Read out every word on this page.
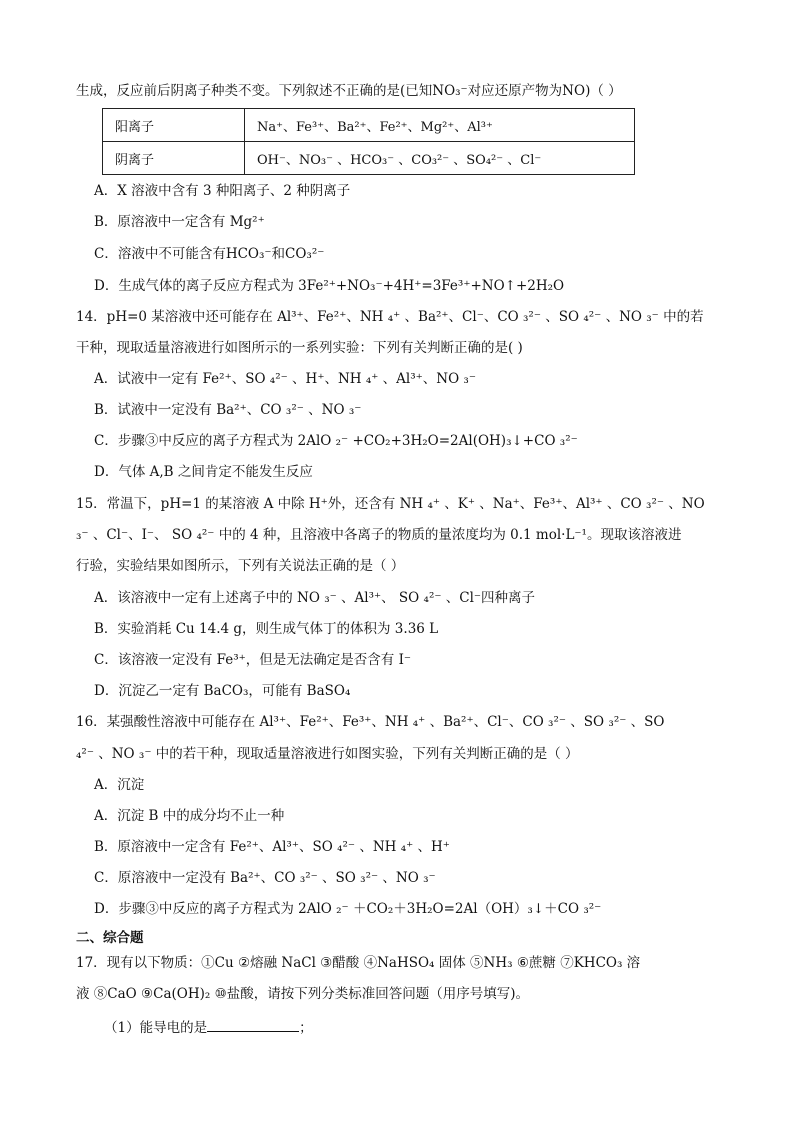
生成，反应前后阴离子种类不变。下列叙述不正确的是(已知NO₃⁻对应还原产物为NO)（ ）
阳离子	Na⁺、Fe³⁺、Ba²⁺、Fe²⁺、Mg²⁺、Al³⁺
阴离子	OH⁻、NO₃⁻ 、HCO₃⁻ 、CO₃²⁻ 、SO₄²⁻ 、Cl⁻
A．X 溶液中含有 3 种阳离子、2 种阴离子
B．原溶液中一定含有 Mg²⁺
C．溶液中不可能含有HCO₃⁻和CO₃²⁻
D．生成气体的离子反应方程式为 3Fe²⁺+NO₃⁻+4H⁺=3Fe³⁺+NO↑+2H₂O
14．pH=0 某溶液中还可能存在 Al³⁺、Fe²⁺、NH ₄⁺ 、Ba²⁺、Cl⁻、CO ₃²⁻ 、SO ₄²⁻ 、NO ₃⁻ 中的若
干种，现取适量溶液进行如图所示的一系列实验：下列有关判断正确的是( )
A．试液中一定有 Fe²⁺、SO ₄²⁻ 、H⁺、NH ₄⁺ 、Al³⁺、NO ₃⁻
B．试液中一定没有 Ba²⁺、CO ₃²⁻ 、NO ₃⁻
C．步骤③中反应的离子方程式为 2AlO ₂⁻ +CO₂+3H₂O=2Al(OH)₃↓+CO ₃²⁻
D．气体 A,B 之间肯定不能发生反应
15．常温下，pH=1 的某溶液 A 中除 H⁺外，还含有 NH ₄⁺ 、K⁺ 、Na⁺、Fe³⁺、Al³⁺ 、CO ₃²⁻ 、NO
₃⁻ 、Cl⁻、I⁻、 SO ₄²⁻ 中的 4 种，且溶液中各离子的物质的量浓度均为 0.1 mol·L⁻¹。现取该溶液进
行验，实验结果如图所示，下列有关说法正确的是（ ）
A．该溶液中一定有上述离子中的 NO ₃⁻ 、Al³⁺、 SO ₄²⁻ 、Cl⁻四种离子
B．实验消耗 Cu 14.4 g，则生成气体丁的体积为 3.36 L
C．该溶液一定没有 Fe³⁺，但是无法确定是否含有 I⁻
D．沉淀乙一定有 BaCO₃，可能有 BaSO₄
16．某强酸性溶液中可能存在 Al³⁺、Fe²⁺、Fe³⁺、NH ₄⁺ 、Ba²⁺、Cl⁻、CO ₃²⁻ 、SO ₃²⁻ 、SO
₄²⁻ 、NO ₃⁻ 中的若干种，现取适量溶液进行如图实验，下列有关判断正确的是（ ）
A．沉淀
A．沉淀 B 中的成分均不止一种
B．原溶液中一定含有 Fe²⁺、Al³⁺、SO ₄²⁻ 、NH ₄⁺ 、H⁺
C．原溶液中一定没有 Ba²⁺、CO ₃²⁻ 、SO ₃²⁻ 、NO ₃⁻
D．步骤③中反应的离子方程式为 2AlO ₂⁻ ＋CO₂＋3H₂O=2Al（OH）₃↓＋CO ₃²⁻
二、综合题
17．现有以下物质：①Cu ②熔融 NaCl ③醋酸 ④NaHSO₄ 固体 ⑤NH₃ ⑥蔗糖 ⑦KHCO₃ 溶
液 ⑧CaO ⑨Ca(OH)₂ ⑩盐酸，请按下列分类标准回答问题（用序号填写)。
（1）能导电的是	；
